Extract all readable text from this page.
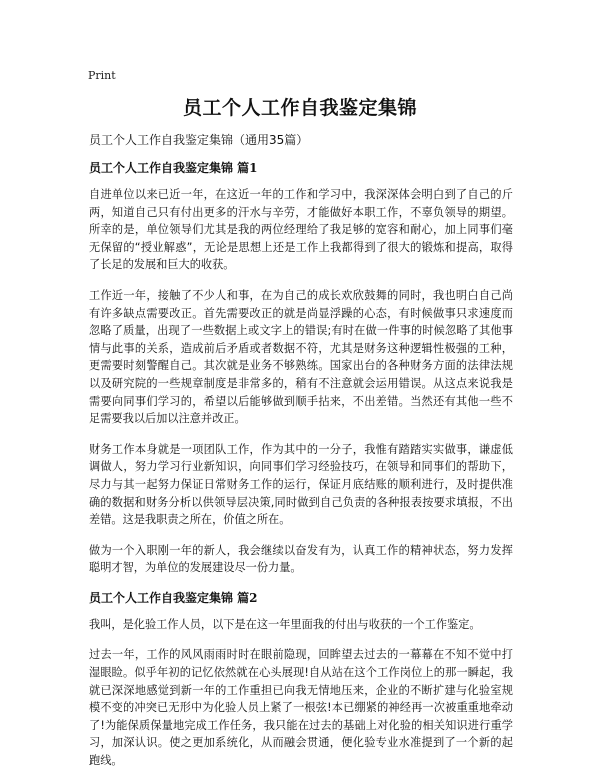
Print
员工个人工作自我鉴定集锦

员工个人工作自我鉴定集锦（通用35篇）

员工个人工作自我鉴定集锦 篇1

自进单位以来已近一年，在这近一年的工作和学习中，我深深体会明白到了自己的斤两，知道自己只有付出更多的汗水与辛劳，才能做好本职工作，不辜负领导的期望。所幸的是，单位领导们尤其是我的两位经理给了我足够的宽容和耐心，加上同事们毫无保留的“授业解惑”，无论是思想上还是工作上我都得到了很大的锻炼和提高，取得了长足的发展和巨大的收获。

工作近一年，接触了不少人和事，在为自己的成长欢欣鼓舞的同时，我也明白自己尚有许多缺点需要改正。首先需要改正的就是尚显浮躁的心态，有时候做事只求速度而忽略了质量，出现了一些数据上或文字上的错误;有时在做一件事的时候忽略了其他事情与此事的关系，造成前后矛盾或者数据不符，尤其是财务这种逻辑性极强的工种，更需要时刻警醒自己。其次就是业务不够熟练。国家出台的各种财务方面的法律法规以及研究院的一些规章制度是非常多的，稍有不注意就会运用错误。从这点来说我是需要向同事们学习的，希望以后能够做到顺手拈来，不出差错。当然还有其他一些不足需要我以后加以注意并改正。

财务工作本身就是一项团队工作，作为其中的一分子，我惟有踏踏实实做事，谦虚低调做人，努力学习行业新知识，向同事们学习经验技巧，在领导和同事们的帮助下，尽力与其一起努力保证日常财务工作的运行，保证月底结账的顺利进行，及时提供准确的数据和财务分析以供领导层决策,同时做到自己负责的各种报表按要求填报，不出差错。这是我职责之所在，价值之所在。

做为一个入职刚一年的新人，我会继续以奋发有为，认真工作的精神状态，努力发挥聪明才智，为单位的发展建设尽一份力量。

员工个人工作自我鉴定集锦 篇2

我叫，是化验工作人员，以下是在这一年里面我的付出与收获的一个工作鉴定。

过去一年，工作的风风雨雨时时在眼前隐现，回眸望去过去的一幕幕在不知不觉中打湿眼睑。似乎年初的记忆依然就在心头展现!自从站在这个工作岗位上的那一瞬起，我就已深深地感觉到新一年的工作重担已向我无情地压来，企业的不断扩建与化验室规模不变的冲突已无形中为化验人员上紧了一根弦!本已绷紧的神经再一次被重重地牵动了!为能保质保量地完成工作任务，我只能在过去的基础上对化验的相关知识进行重学习，加深认识。使之更加系统化，从而融会贯通，便化验专业水准提到了一个新的起跑线。
